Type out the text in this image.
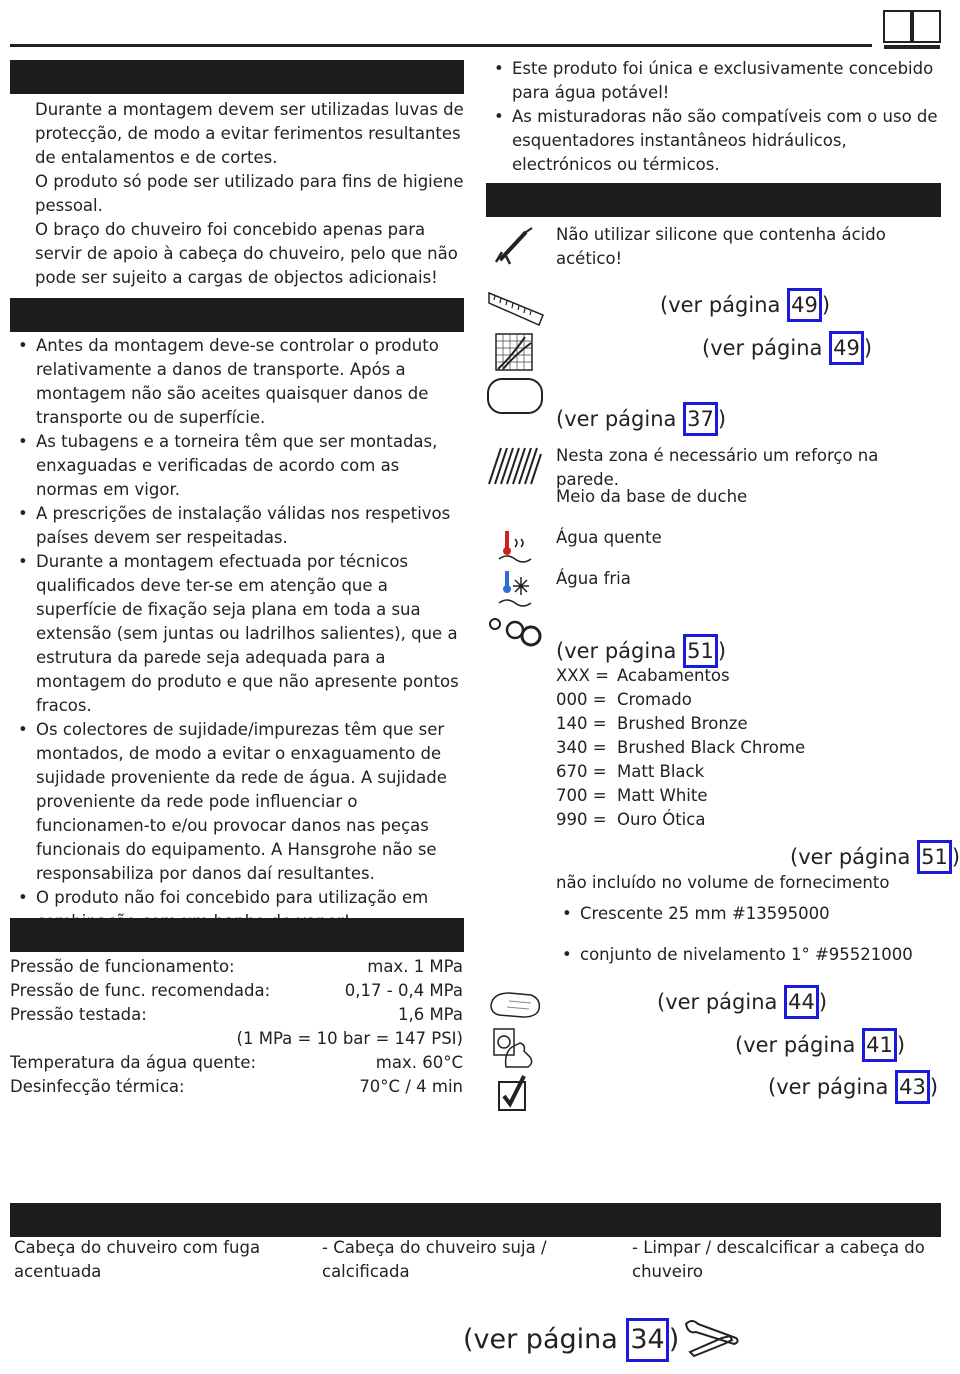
Durante a montagem devem ser utilizadas luvas de protecção, de modo a evitar ferimentos resultantes de entalamentos e de cortes.

O produto só pode ser utilizado para fins de higiene pessoal.

O braço do chuveiro foi concebido apenas para servir de apoio à cabeça do chuveiro, pelo que não pode ser sujeito a cargas de objectos adicionais!

• Antes da montagem deve-se controlar o produto relativamente a danos de transporte. Após a montagem não são aceites quaisquer danos de transporte ou de superfície.
• As tubagens e a torneira têm que ser montadas, enxaguadas e verificadas de acordo com as normas em vigor.
• A prescrições de instalação válidas nos respetivos países devem ser respeitadas.
• Durante a montagem efectuada por técnicos qualificados deve ter-se em atenção que a superfície de fixação seja plana em toda a sua extensão (sem juntas ou ladrilhos salientes), que a estrutura da parede seja adequada para a montagem do produto e que não apresente pontos fracos.
• Os colectores de sujidade/impurezas têm que ser montados, de modo a evitar o enxaguamento de sujidade proveniente da rede de água. A sujidade proveniente da rede pode influenciar o funcionamen-to e/ou provocar danos nas peças funcionais do equipamento. A Hansgrohe não se responsabiliza por danos daí resultantes.
• O produto não foi concebido para utilização em
Pressão de funcionamento:	max. 1 MPa
Pressão de func. recomendada:	0,17 - 0,4 MPa
Pressão testada:	1,6 MPa
(1 MPa = 10 bar = 147 PSI)
Temperatura da água quente:	max. 60°C
Desinfecção térmica:	70°C / 4 min
• Este produto foi única e exclusivamente concebido para água potável!
• As misturadoras não são compatíveis com o uso de esquentadores instantâneos hidráulicos, electrónicos ou térmicos.
Não utilizar silicone que contenha ácido acético!
(ver página 49 )
(ver página 49 )
(ver página 37 )
Nesta zona é necessário um reforço na parede.
Meio da base de duche
Água quente
Água fria
(ver página 51 )
XXX = Acabamentos
000 = Cromado
140 = Brushed Bronze
340 = Brushed Black Chrome
670 = Matt Black
700 = Matt White
990 = Ouro Ótica
(ver página 51 )
não incluído no volume de fornecimento
• Crescente 25 mm #13595000
• conjunto de nivelamento 1° #95521000
(ver página 44 )
(ver página 41 )
(ver página 43 )
Cabeça do chuveiro com fuga acentuada
- Cabeça do chuveiro suja / calcificada
- Limpar / descalcificar a cabeça do chuveiro
(ver página 34 )
